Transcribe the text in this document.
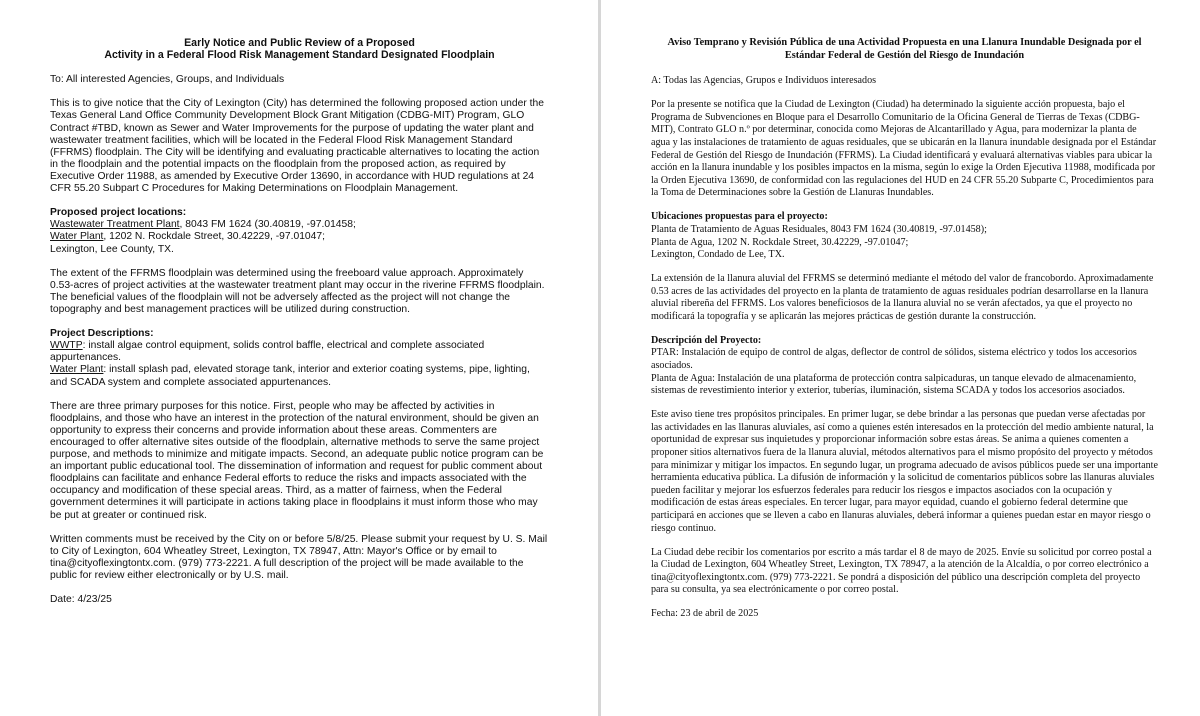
Early Notice and Public Review of a Proposed
Activity in a Federal Flood Risk Management Standard Designated Floodplain

To: All interested Agencies, Groups, and Individuals

This is to give notice that the City of Lexington (City) has determined the following proposed action under the Texas General Land Office Community Development Block Grant Mitigation (CDBG-MIT) Program, GLO Contract #TBD, known as Sewer and Water Improvements for the purpose of updating the water plant and wastewater treatment facilities, which will be located in the Federal Flood Risk Management Standard (FFRMS) floodplain. The City will be identifying and evaluating practicable alternatives to locating the action in the floodplain and the potential impacts on the floodplain from the proposed action, as required by Executive Order 11988, as amended by Executive Order 13690, in accordance with HUD regulations at 24 CFR 55.20 Subpart C Procedures for Making Determinations on Floodplain Management.

Proposed project locations:
Wastewater Treatment Plant, 8043 FM 1624 (30.40819, -97.01458;
Water Plant, 1202 N. Rockdale Street, 30.42229, -97.01047;
Lexington, Lee County, TX.

The extent of the FFRMS floodplain was determined using the freeboard value approach. Approximately 0.53-acres of project activities at the wastewater treatment plant may occur in the riverine FFRMS floodplain. The beneficial values of the floodplain will not be adversely affected as the project will not change the topography and best management practices will be utilized during construction.

Project Descriptions:
WWTP: install algae control equipment, solids control baffle, electrical and complete associated appurtenances.
Water Plant: install splash pad, elevated storage tank, interior and exterior coating systems, pipe, lighting, and SCADA system and complete associated appurtenances.

There are three primary purposes for this notice. First, people who may be affected by activities in floodplains, and those who have an interest in the protection of the natural environment, should be given an opportunity to express their concerns and provide information about these areas. Commenters are encouraged to offer alternative sites outside of the floodplain, alternative methods to serve the same project purpose, and methods to minimize and mitigate impacts. Second, an adequate public notice program can be an important public educational tool. The dissemination of information and request for public comment about floodplains can facilitate and enhance Federal efforts to reduce the risks and impacts associated with the occupancy and modification of these special areas. Third, as a matter of fairness, when the Federal government determines it will participate in actions taking place in floodplains it must inform those who may be put at greater or continued risk.

Written comments must be received by the City on or before 5/8/25. Please submit your request by U. S. Mail to City of Lexington, 604 Wheatley Street, Lexington, TX 78947, Attn: Mayor's Office or by email to tina@cityoflexingtontx.com. (979) 773-2221. A full description of the project will be made available to the public for review either electronically or by U.S. mail.

Date: 4/23/25

Aviso Temprano y Revisión Pública de una Actividad Propuesta en una Llanura Inundable Designada por el
Estándar Federal de Gestión del Riesgo de Inundación

A: Todas las Agencias, Grupos e Individuos interesados

Por la presente se notifica que la Ciudad de Lexington (Ciudad) ha determinado la siguiente acción propuesta, bajo el Programa de Subvenciones en Bloque para el Desarrollo Comunitario de la Oficina General de Tierras de Texas (CDBG-MIT), Contrato GLO n.º por determinar, conocida como Mejoras de Alcantarillado y Agua, para modernizar la planta de agua y las instalaciones de tratamiento de aguas residuales, que se ubicarán en la llanura inundable designada por el Estándar Federal de Gestión del Riesgo de Inundación (FFRMS). La Ciudad identificará y evaluará alternativas viables para ubicar la acción en la llanura inundable y los posibles impactos en la misma, según lo exige la Orden Ejecutiva 11988, modificada por la Orden Ejecutiva 13690, de conformidad con las regulaciones del HUD en 24 CFR 55.20 Subparte C, Procedimientos para la Toma de Determinaciones sobre la Gestión de Llanuras Inundables.

Ubicaciones propuestas para el proyecto:
Planta de Tratamiento de Aguas Residuales, 8043 FM 1624 (30.40819, -97.01458);
Planta de Agua, 1202 N. Rockdale Street, 30.42229, -97.01047;
Lexington, Condado de Lee, TX.

La extensión de la llanura aluvial del FFRMS se determinó mediante el método del valor de francobordo. Aproximadamente 0.53 acres de las actividades del proyecto en la planta de tratamiento de aguas residuales podrían desarrollarse en la llanura aluvial ribereña del FFRMS. Los valores beneficiosos de la llanura aluvial no se verán afectados, ya que el proyecto no modificará la topografía y se aplicarán las mejores prácticas de gestión durante la construcción.

Descripción del Proyecto:
PTAR: Instalación de equipo de control de algas, deflector de control de sólidos, sistema eléctrico y todos los accesorios asociados.
Planta de Agua: Instalación de una plataforma de protección contra salpicaduras, un tanque elevado de almacenamiento, sistemas de revestimiento interior y exterior, tuberías, iluminación, sistema SCADA y todos los accesorios asociados.

Este aviso tiene tres propósitos principales. En primer lugar, se debe brindar a las personas que puedan verse afectadas por las actividades en las llanuras aluviales, así como a quienes estén interesados en la protección del medio ambiente natural, la oportunidad de expresar sus inquietudes y proporcionar información sobre estas áreas. Se anima a quienes comenten a proponer sitios alternativos fuera de la llanura aluvial, métodos alternativos para el mismo propósito del proyecto y métodos para minimizar y mitigar los impactos. En segundo lugar, un programa adecuado de avisos públicos puede ser una importante herramienta educativa pública. La difusión de información y la solicitud de comentarios públicos sobre las llanuras aluviales pueden facilitar y mejorar los esfuerzos federales para reducir los riesgos e impactos asociados con la ocupación y modificación de estas áreas especiales. En tercer lugar, para mayor equidad, cuando el gobierno federal determine que participará en acciones que se lleven a cabo en llanuras aluviales, deberá informar a quienes puedan estar en mayor riesgo o riesgo continuo.

La Ciudad debe recibir los comentarios por escrito a más tardar el 8 de mayo de 2025. Envíe su solicitud por correo postal a la Ciudad de Lexington, 604 Wheatley Street, Lexington, TX 78947, a la atención de la Alcaldía, o por correo electrónico a tina@cityoflexingtontx.com. (979) 773-2221. Se pondrá a disposición del público una descripción completa del proyecto para su consulta, ya sea electrónicamente o por correo postal.

Fecha: 23 de abril de 2025
